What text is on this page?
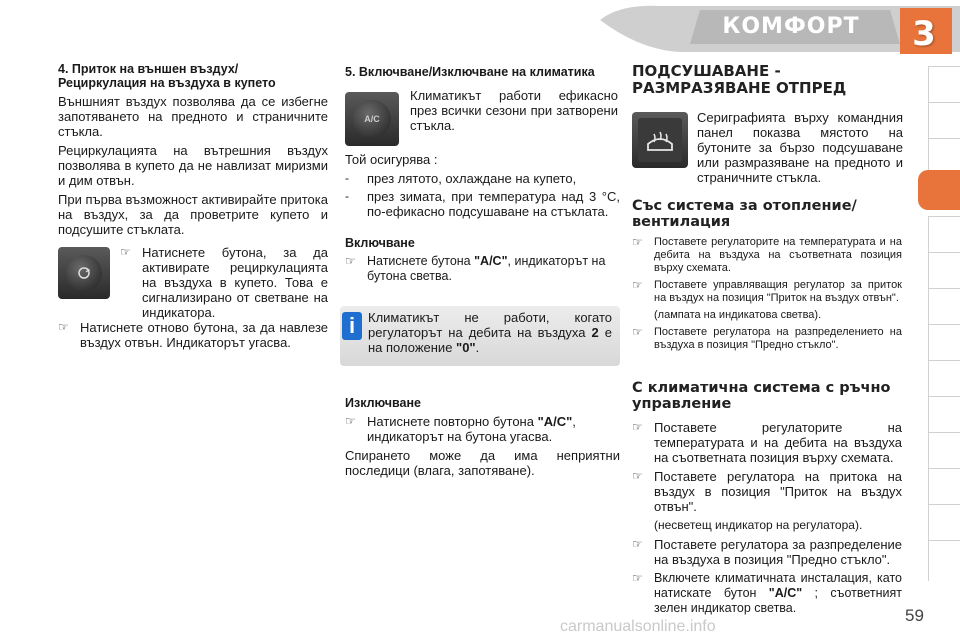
КОМФОРТ	3

4. Приток на външен въздух/ Рециркулация на въздуха в купето

Външният въздух позволява да се избегне запотяването на предното и страничните стъкла.

Рециркулацията на вътрешния въздух позволява в купето да не навлизат миризми и дим отвън.

При първа възможност активирайте притока на въздух, за да проветрите купето и подсушите стъклата.

☞ Натиснете бутона, за да активирате рециркулацията на въздуха в купето. Това е сигнализирано от светване на индикатора.
☞ Натиснете отново бутона, за да навлезе въздух отвън. Индикаторът угасва.

5. Включване/Изключване на климатика

A/C
Климатикът работи ефикасно през всички сезони при затворени стъкла.

Той осигурява :

- през лятото, охлаждане на купето,
- през зимата, при температура над 3 °C, по-ефикасно подсушаване на стъклата.

Включване

☞ Натиснете бутона "A/C", индикаторът на бутона светва.
i Климатикът не работи, когато регулаторът на дебита на въздуха 2 е на положение "0".

Изключване

☞ Натиснете повторно бутона "A/C", индикаторът на бутона угасва.

Спирането може да има неприятни последици (влага, запотяване).

ПОДСУШАВАНЕ - РАЗМРАЗЯВАНЕ ОТПРЕД

Сериграфията върху командния панел показва мястото на бутоните за бързо подсушаване или размразяване на предното и страничните стъкла.

Със система за отопление/ вентилация

☞ Поставете регулаторите на температурата и на дебита на въздуха на съответната позиция върху схемата.
☞ Поставете управляващия регулатор за приток на въздух на позиция "Приток на въздух отвън".
(лампата на индикатова светва).
☞ Поставете регулатора на разпределението на въздуха в позиция "Предно стъкло".

С климатична система с ръчно управление

☞ Поставете регулаторите на температурата и на дебита на въздуха на съответната позиция върху схемата.
☞ Поставете регулатора на притока на въздух в позиция "Приток на въздух отвън".
(несветещ индикатор на регулатора).
☞ Поставете регулатора за разпределение на въздуха в позиция "Предно стъкло".
☞ Включете климатичната инсталация, като натискате бутон "A/C" ; съответният зелен индикатор светва.
carmanualsonline.info
59
